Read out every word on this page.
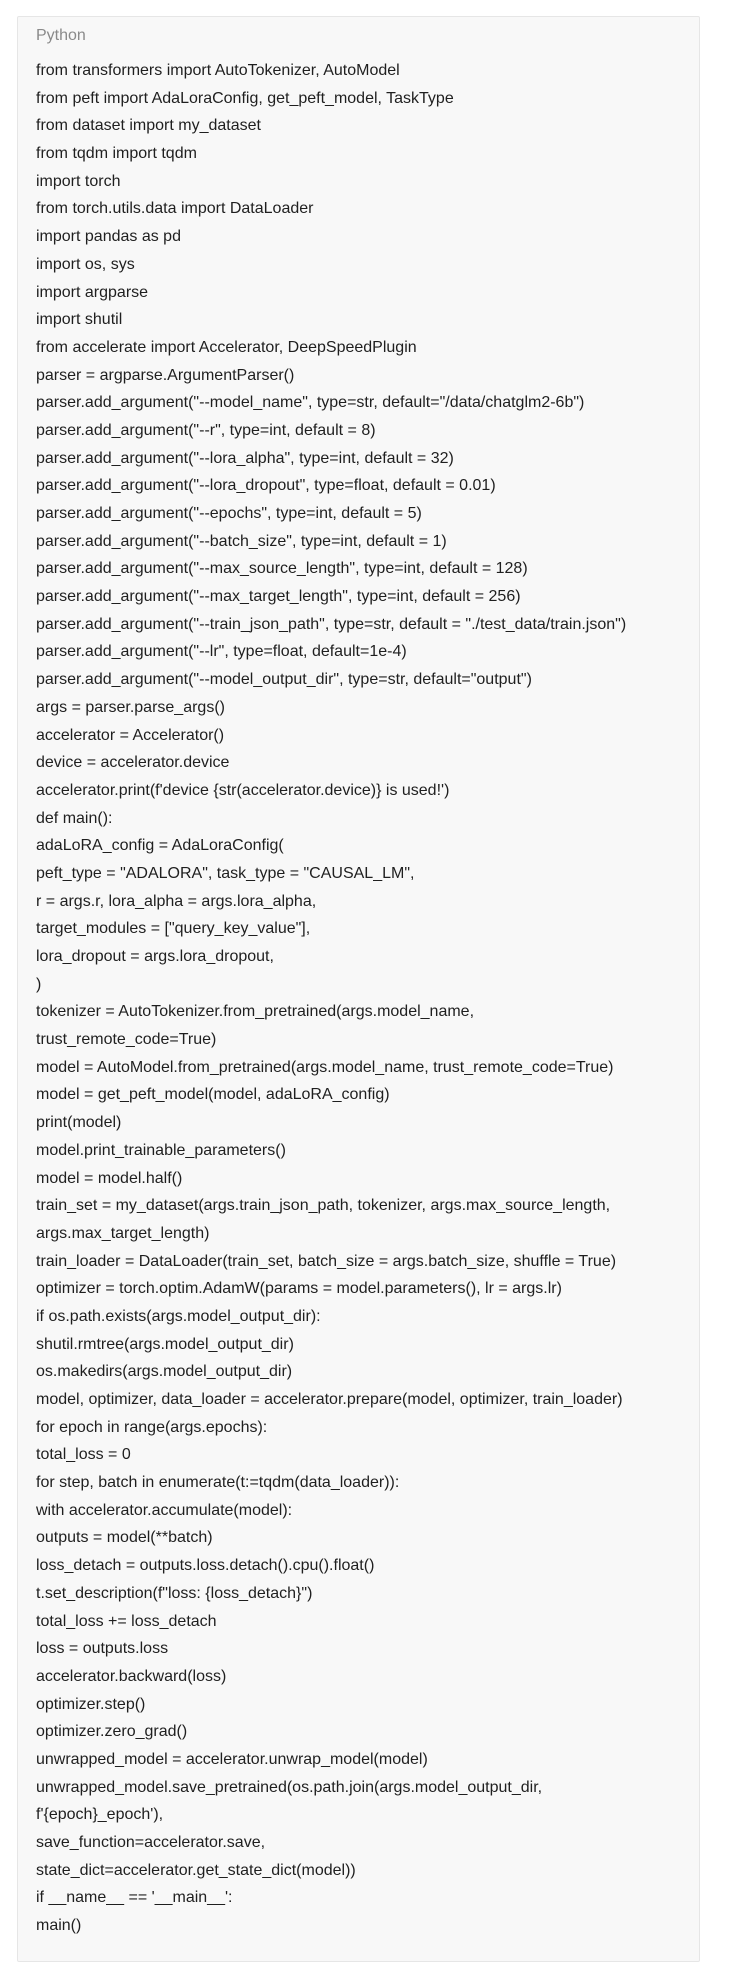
Python

from transformers import AutoTokenizer, AutoModel
from peft import AdaLoraConfig, get_peft_model, TaskType
from dataset import my_dataset
from tqdm import tqdm
import torch
from torch.utils.data import DataLoader
import pandas as pd
import os, sys
import argparse
import shutil
from accelerate import Accelerator, DeepSpeedPlugin
parser = argparse.ArgumentParser()
parser.add_argument("--model_name", type=str, default="/data/chatglm2-6b")
parser.add_argument("--r", type=int, default = 8)
parser.add_argument("--lora_alpha", type=int, default = 32)
parser.add_argument("--lora_dropout", type=float, default = 0.01)
parser.add_argument("--epochs", type=int, default = 5)
parser.add_argument("--batch_size", type=int, default = 1)
parser.add_argument("--max_source_length", type=int, default = 128)
parser.add_argument("--max_target_length", type=int, default = 256)
parser.add_argument("--train_json_path", type=str, default = "./test_data/train.json")
parser.add_argument("--lr", type=float, default=1e-4)
parser.add_argument("--model_output_dir", type=str, default="output")
args = parser.parse_args()
accelerator = Accelerator()
device = accelerator.device
accelerator.print(f'device {str(accelerator.device)} is used!')
def main():
adaLoRA_config = AdaLoraConfig(
peft_type = "ADALORA", task_type = "CAUSAL_LM",
r = args.r, lora_alpha = args.lora_alpha,
target_modules = ["query_key_value"],
lora_dropout = args.lora_dropout,
)
tokenizer = AutoTokenizer.from_pretrained(args.model_name,
trust_remote_code=True)
model = AutoModel.from_pretrained(args.model_name, trust_remote_code=True)
model = get_peft_model(model, adaLoRA_config)
print(model)
model.print_trainable_parameters()
model = model.half()
train_set = my_dataset(args.train_json_path, tokenizer, args.max_source_length,
args.max_target_length)
train_loader = DataLoader(train_set, batch_size = args.batch_size, shuffle = True)
optimizer = torch.optim.AdamW(params = model.parameters(), lr = args.lr)
if os.path.exists(args.model_output_dir):
shutil.rmtree(args.model_output_dir)
os.makedirs(args.model_output_dir)
model, optimizer, data_loader = accelerator.prepare(model, optimizer, train_loader)
for epoch in range(args.epochs):
total_loss = 0
for step, batch in enumerate(t:=tqdm(data_loader)):
with accelerator.accumulate(model):
outputs = model(**batch)
loss_detach = outputs.loss.detach().cpu().float()
t.set_description(f"loss: {loss_detach}")
total_loss += loss_detach
loss = outputs.loss
accelerator.backward(loss)
optimizer.step()
optimizer.zero_grad()
unwrapped_model = accelerator.unwrap_model(model)
unwrapped_model.save_pretrained(os.path.join(args.model_output_dir,
f'{epoch}_epoch'),
save_function=accelerator.save,
state_dict=accelerator.get_state_dict(model))
if __name__ == '__main__':
main()
